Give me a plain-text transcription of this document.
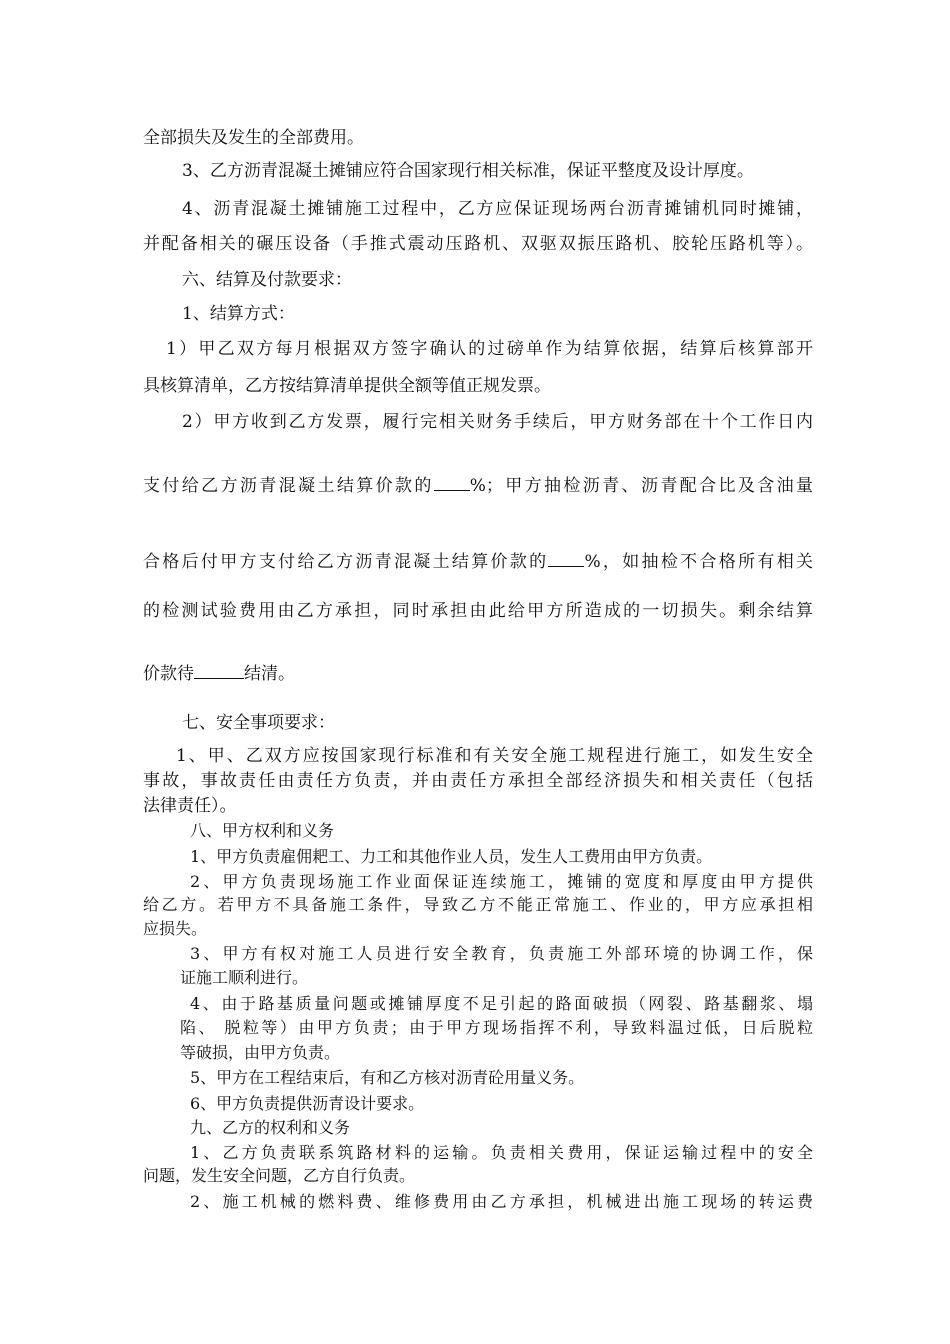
全部损失及发生的全部费用。
3、乙方沥青混凝土摊铺应符合国家现行相关标准，保证平整度及设计厚度。
4、沥青混凝土摊铺施工过程中，乙方应保证现场两台沥青摊铺机同时摊铺，
并配备相关的碾压设备（手推式震动压路机、双驱双振压路机、胶轮压路机等）。
六、结算及付款要求：
1、结算方式：
1）甲乙双方每月根据双方签字确认的过磅单作为结算依据，结算后核算部开
具核算清单，乙方按结算清单提供全额等值正规发票。
2）甲方收到乙方发票，履行完相关财务手续后，甲方财务部在十个工作日内
支付给乙方沥青混凝土结算价款的 %；甲方抽检沥青、沥青配合比及含油量
合格后付甲方支付给乙方沥青混凝土结算价款的 %，如抽检不合格所有相关
的检测试验费用由乙方承担，同时承担由此给甲方所造成的一切损失。剩余结算
价款待	结清。
七、安全事项要求：
1、甲、乙双方应按国家现行标准和有关安全施工规程进行施工，如发生安全
事故，事故责任由责任方负责，并由责任方承担全部经济损失和相关责任（包括
法律责任）。
八、甲方权利和义务
1、甲方负责雇佣耙工、力工和其他作业人员，发生人工费用由甲方负责。
2、甲方负责现场施工作业面保证连续施工，摊铺的宽度和厚度由甲方提供
给乙方。若甲方不具备施工条件，导致乙方不能正常施工、作业的，甲方应承担相
应损失。
3、甲方有权对施工人员进行安全教育，负责施工外部环境的协调工作，保
证施工顺利进行。
4、由于路基质量问题或摊铺厚度不足引起的路面破损（网裂、路基翻浆、塌
陷、 脱粒等）由甲方负责；由于甲方现场指挥不利，导致料温过低，日后脱粒
等破损，由甲方负责。
5、甲方在工程结束后，有和乙方核对沥青砼用量义务。
6、甲方负责提供沥青设计要求。
九、乙方的权利和义务
1、乙方负责联系筑路材料的运输。负责相关费用，保证运输过程中的安全
问题，发生安全问题，乙方自行负责。
2、施工机械的燃料费、维修费用由乙方承担，机械进出施工现场的转运费
